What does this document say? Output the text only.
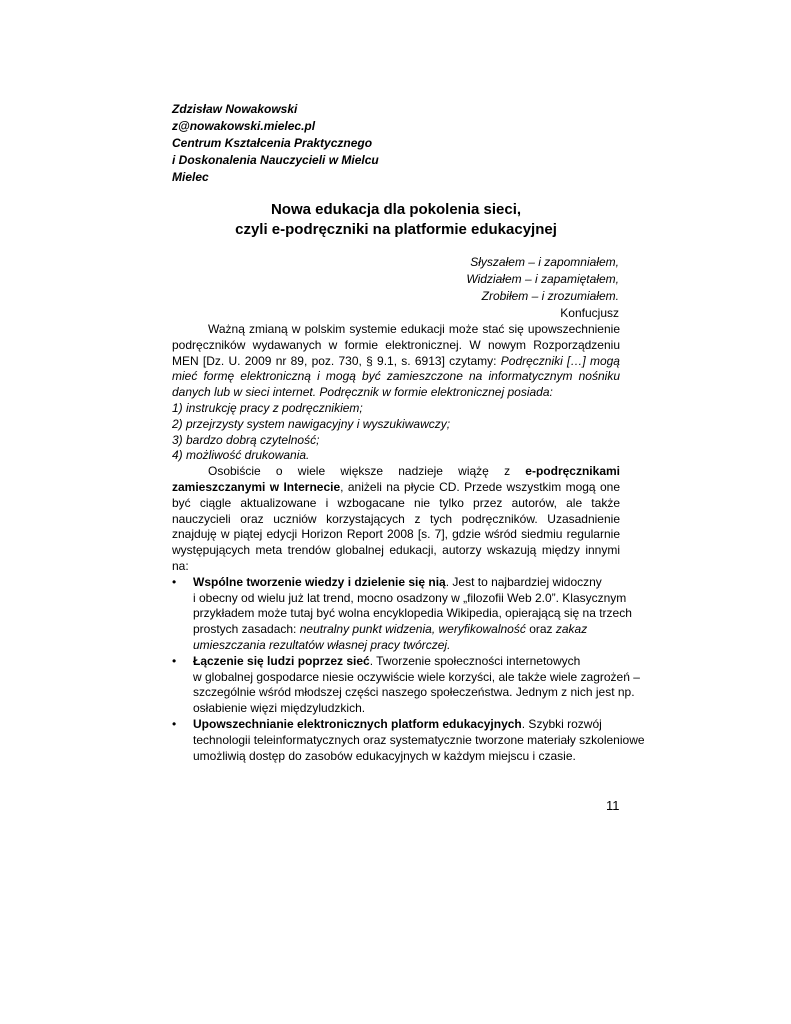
Zdzisław Nowakowski
z@nowakowski.mielec.pl
Centrum Kształcenia Praktycznego
i Doskonalenia Nauczycieli w Mielcu
Mielec
Nowa edukacja dla pokolenia sieci,
czyli e-podręczniki na platformie edukacyjnej
Słyszałem – i zapomniałem,
Widziałem – i zapamiętałem,
Zrobiłem – i zrozumiałem.
Konfucjusz

Ważną zmianą w polskim systemie edukacji może stać się upowszechnienie podręczników wydawanych w formie elektronicznej. W nowym Rozporządzeniu MEN [Dz. U. 2009 nr 89, poz. 730, § 9.1, s. 6913] czytamy: Podręczniki […] mogą mieć formę elektroniczną i mogą być zamieszczone na informatycznym nośniku danych lub w sieci internet. Podręcznik w formie elektronicznej posiada:

1) instrukcję pracy z podręcznikiem;

2) przejrzysty system nawigacyjny i wyszukiwawczy;

3) bardzo dobrą czytelność;

4) możliwość drukowania.

Osobiście o wiele większe nadzieje wiążę z e-podręcznikami zamieszczanymi w Internecie, aniżeli na płycie CD. Przede wszystkim mogą one być ciągle aktualizowane i wzbogacane nie tylko przez autorów, ale także nauczycieli oraz uczniów korzystających z tych podręczników. Uzasadnienie znajduję w piątej edycji Horizon Report 2008 [s. 7], gdzie wśród siedmiu regularnie występujących meta trendów globalnej edukacji, autorzy wskazują między innymi na:

• Wspólne tworzenie wiedzy i dzielenie się nią. Jest to najbardziej widoczny
i obecny od wielu już lat trend, mocno osadzony w „filozofii Web 2.0”. Klasycznym
przykładem może tutaj być wolna encyklopedia Wikipedia, opierającą się na trzech
prostych zasadach: neutralny punkt widzenia, weryfikowalność oraz zakaz
umieszczania rezultatów własnej pracy twórczej.
• Łączenie się ludzi poprzez sieć. Tworzenie społeczności internetowych
w globalnej gospodarce niesie oczywiście wiele korzyści, ale także wiele zagrożeń –
szczególnie wśród młodszej części naszego społeczeństwa. Jednym z nich jest np.
osłabienie więzi międzyludzkich.
• Upowszechnianie elektronicznych platform edukacyjnych. Szybki rozwój
technologii teleinformatycznych oraz systematycznie tworzone materiały szkoleniowe
umożliwią dostęp do zasobów edukacyjnych w każdym miejscu i czasie.
11
